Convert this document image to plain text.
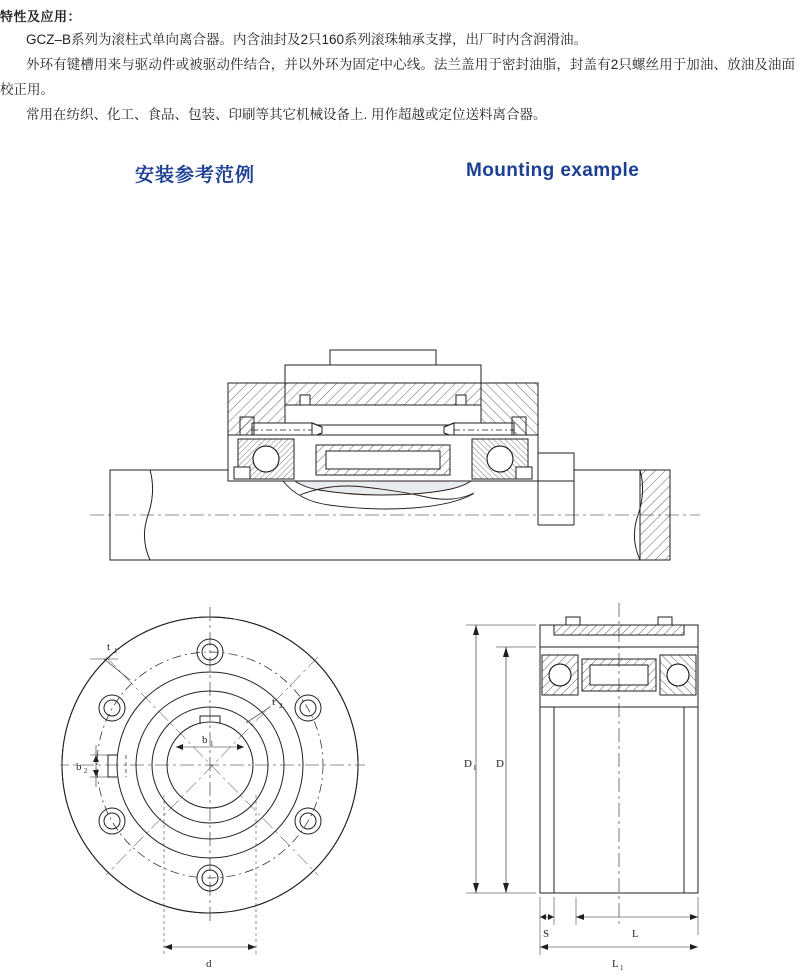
特性及应用：

GCZ–B系列为滚柱式单向离合器。内含油封及2只160系列滚珠轴承支撑，出厂时内含润滑油。

外环有键槽用来与驱动件或被驱动件结合，并以外环为固定中心线。法兰盖用于密封油脂，封盖有2只螺丝用于加油、放油及油面校正用。

常用在纺织、化工、食品、包装、印刷等其它机械设备上. 用作超越或定位送料离合器。

安装参考范例	Mounting example
t 1
t 2
b 2
b 1
d
D 1 D
S	L
L 1
